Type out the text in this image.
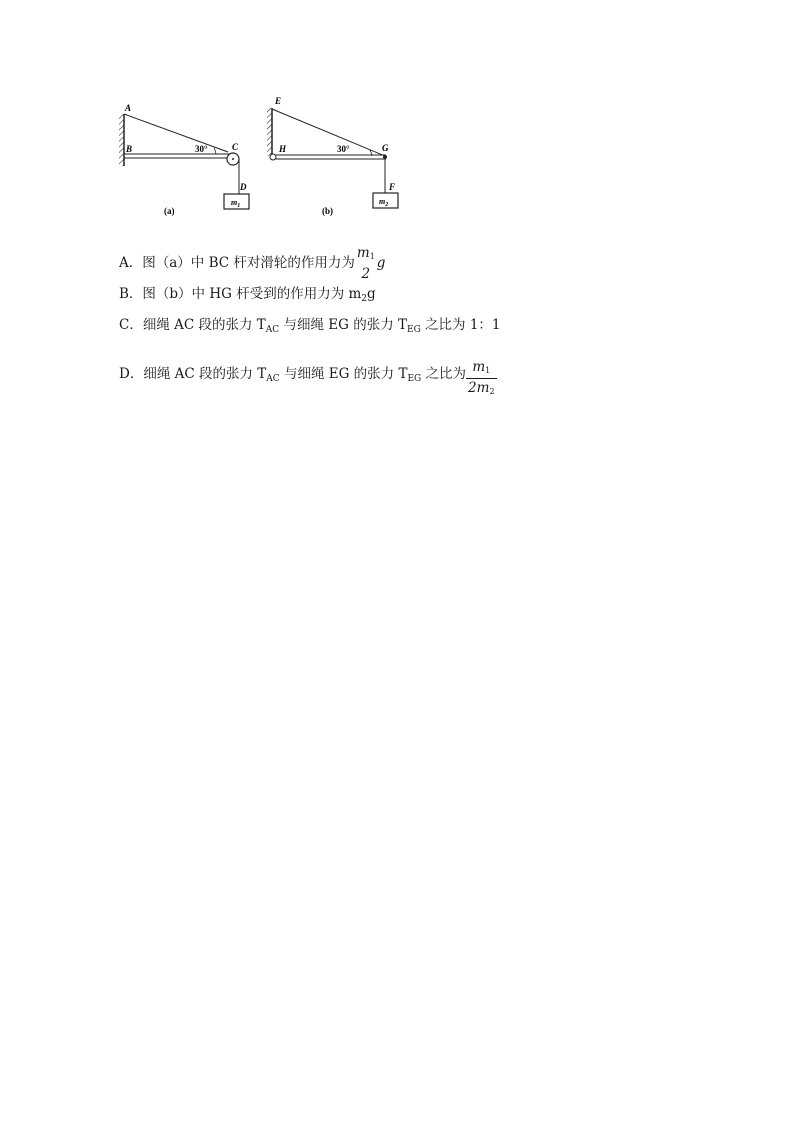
$m_1$
A
B	C
D
30°
(a)
$m_2$
E
H	G
F
30°
(b)
A．图（a）中 BC 杆对滑轮的作用力为 $\frac{m1}{2}$ g
B．图（b）中 HG 杆受到的作用力为 $m_2g$
C．细绳 AC 段的张力 $T_{AC}$ 与细绳 EG 的张力 $T_{EG}$ 之比为 1：1
D．细绳 AC 段的张力 $T_{AC}$ 与细绳 EG 的张力 $T_{EG}$ 之比为 $\frac{m1}{2m2}$
